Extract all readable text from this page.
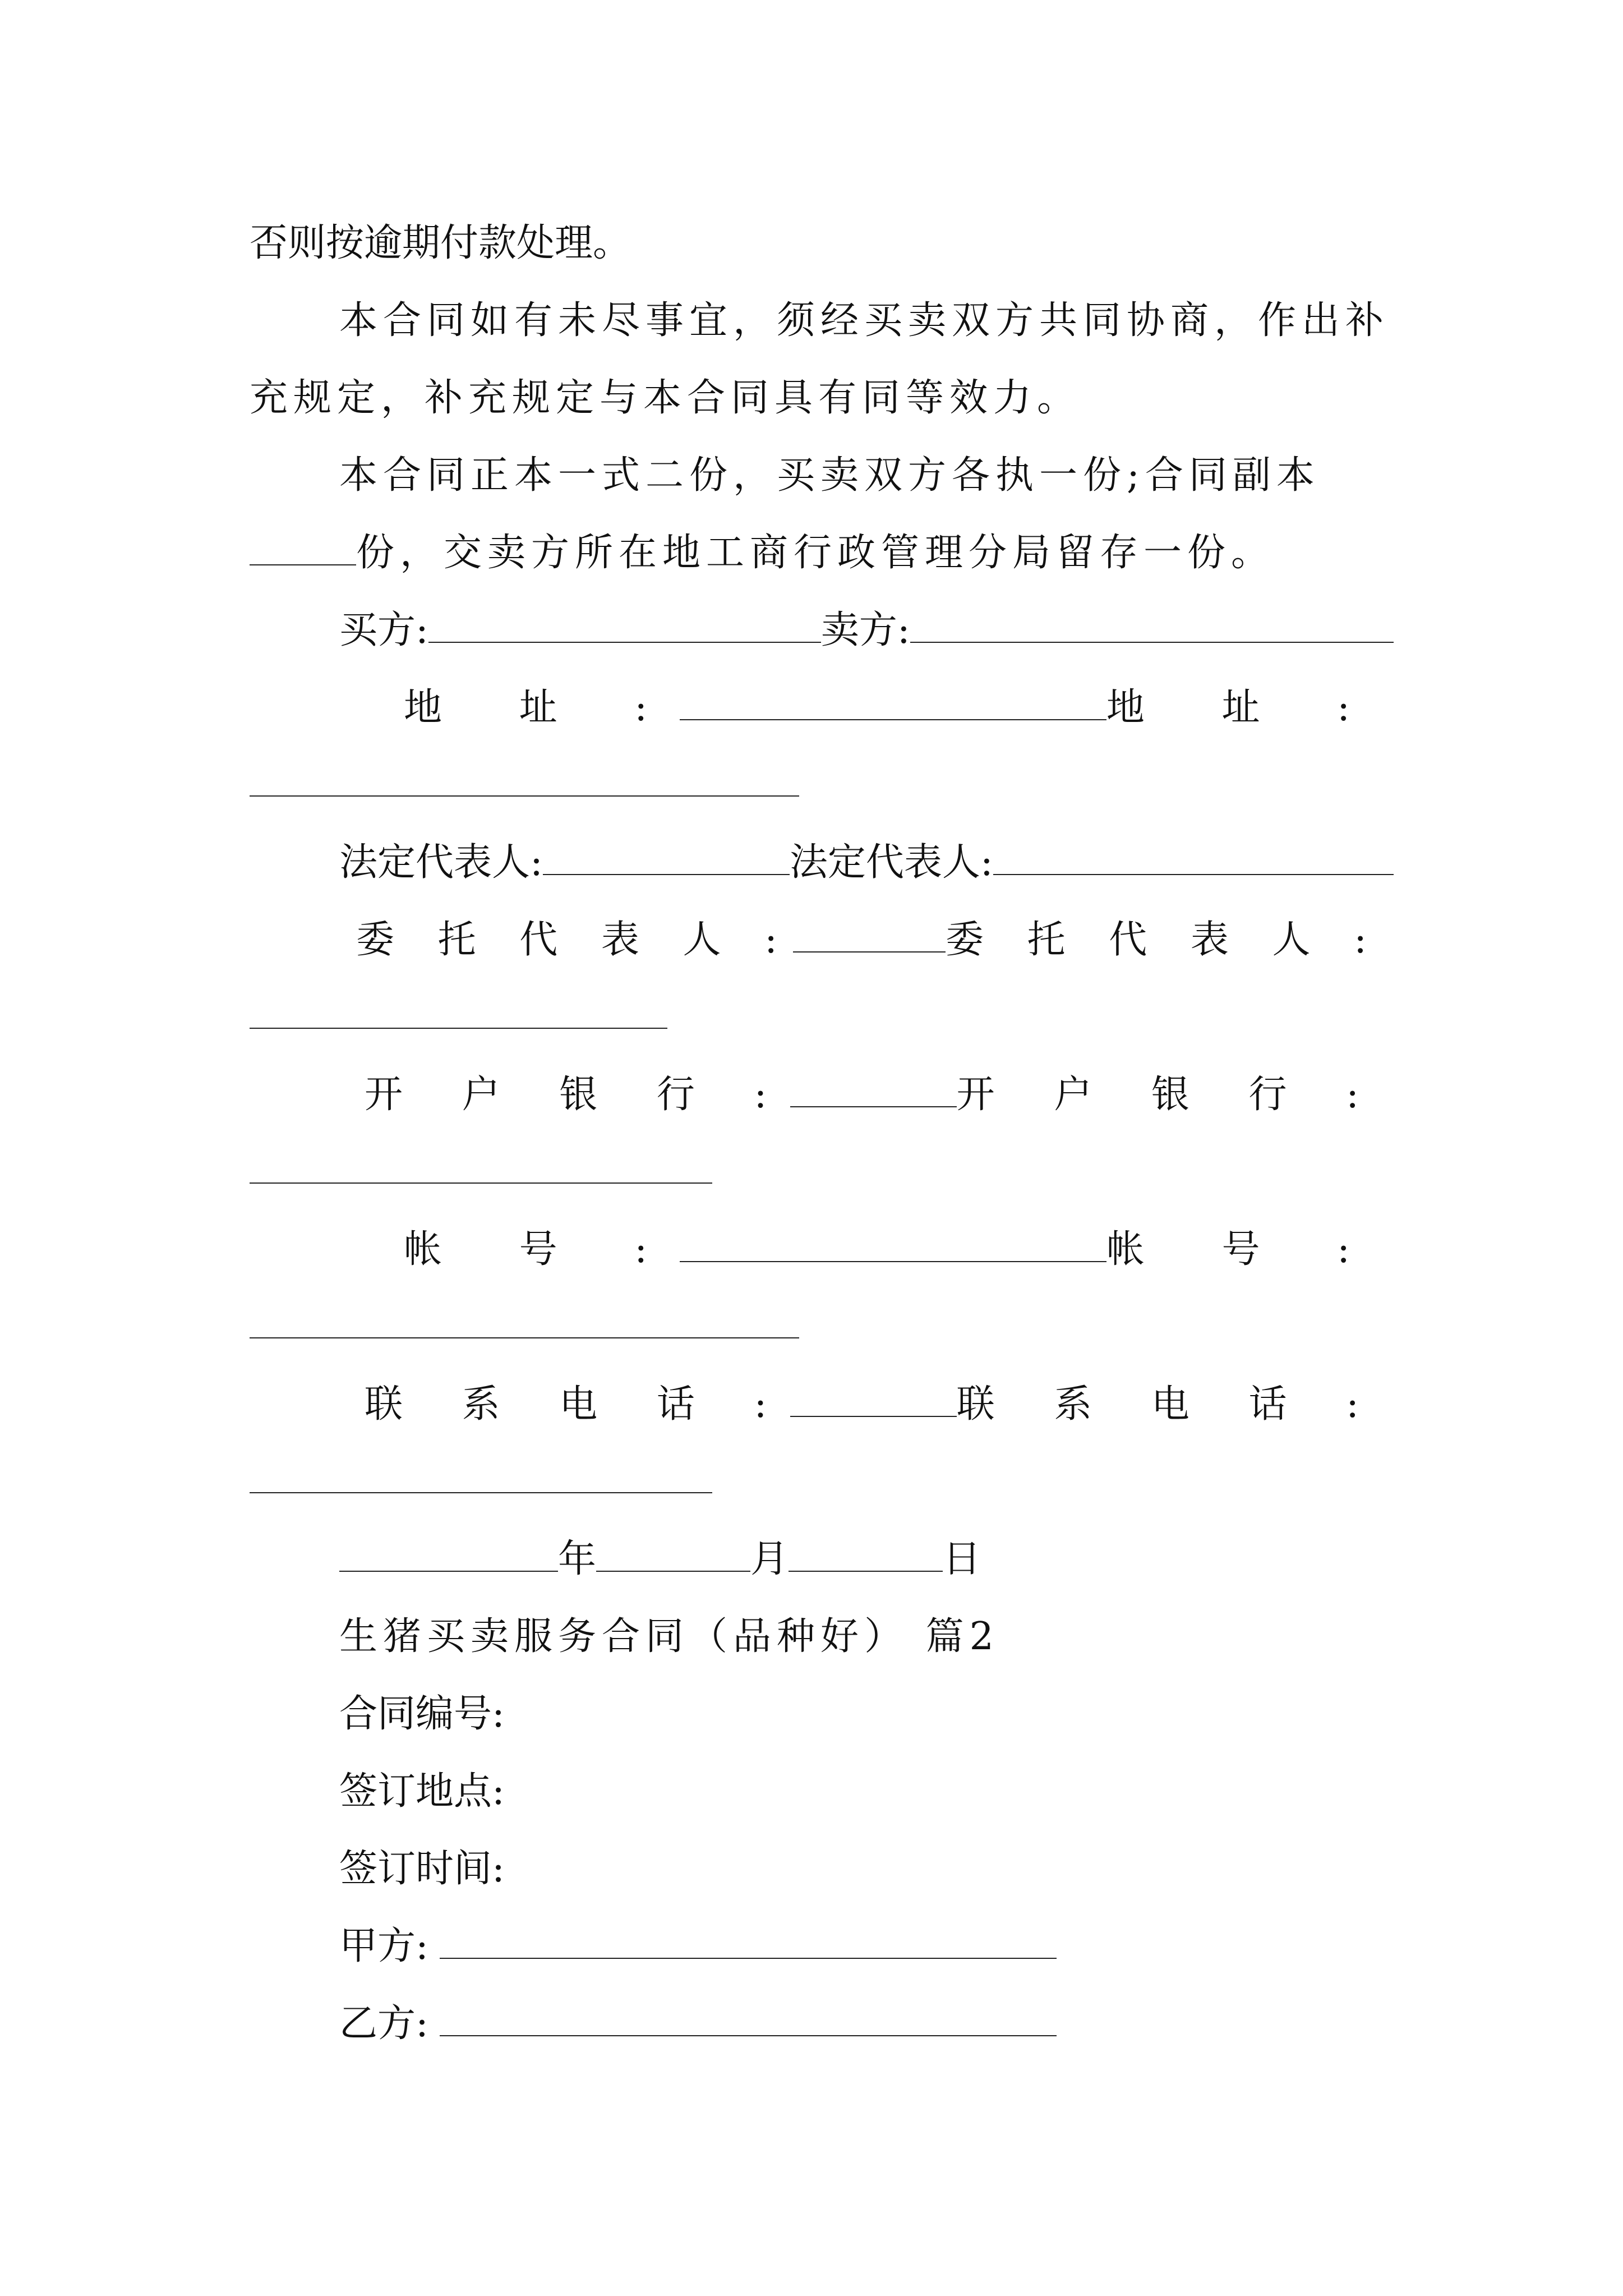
否则按逾期付款处理。
本合同如有未尽事宜，须经买卖双方共同协商，作出补
充规定，补充规定与本合同具有同等效力。
本合同正本一式二份，买卖双方各执一份;合同副本
份，交卖方所在地工商行政管理分局留存一份。
买方:	卖方:
地 址 :	地 址 :
法定代表人:	法定代表人:
委 托 代 表 人 :	委 托 代 表 人 :
开 户 银 行 :	开 户 银 行 :
帐 号 :	帐 号 :
联 系 电 话 :	联 系 电 话 :
年	月	日
生猪买卖服务合同（品种好） 篇2
合同编号:
签订地点:
签订时间:
甲方:
乙方:
